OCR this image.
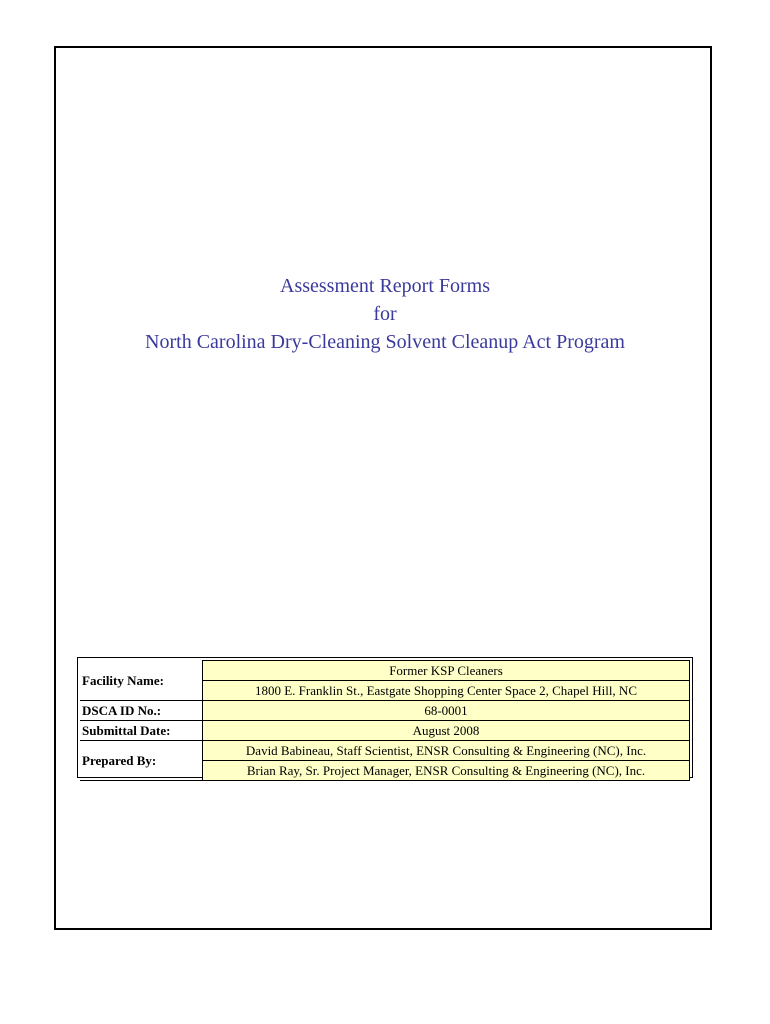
Assessment Report Forms
for
North Carolina Dry-Cleaning Solvent Cleanup Act Program
Facility Name:	Former KSP Cleaners
	1800 E. Franklin St., Eastgate Shopping Center Space 2, Chapel Hill, NC
DSCA ID No.:	68-0001
Submittal Date:	August 2008
Prepared By:	David Babineau, Staff Scientist, ENSR Consulting & Engineering (NC), Inc.
	Brian Ray, Sr. Project Manager, ENSR Consulting & Engineering (NC), Inc.
